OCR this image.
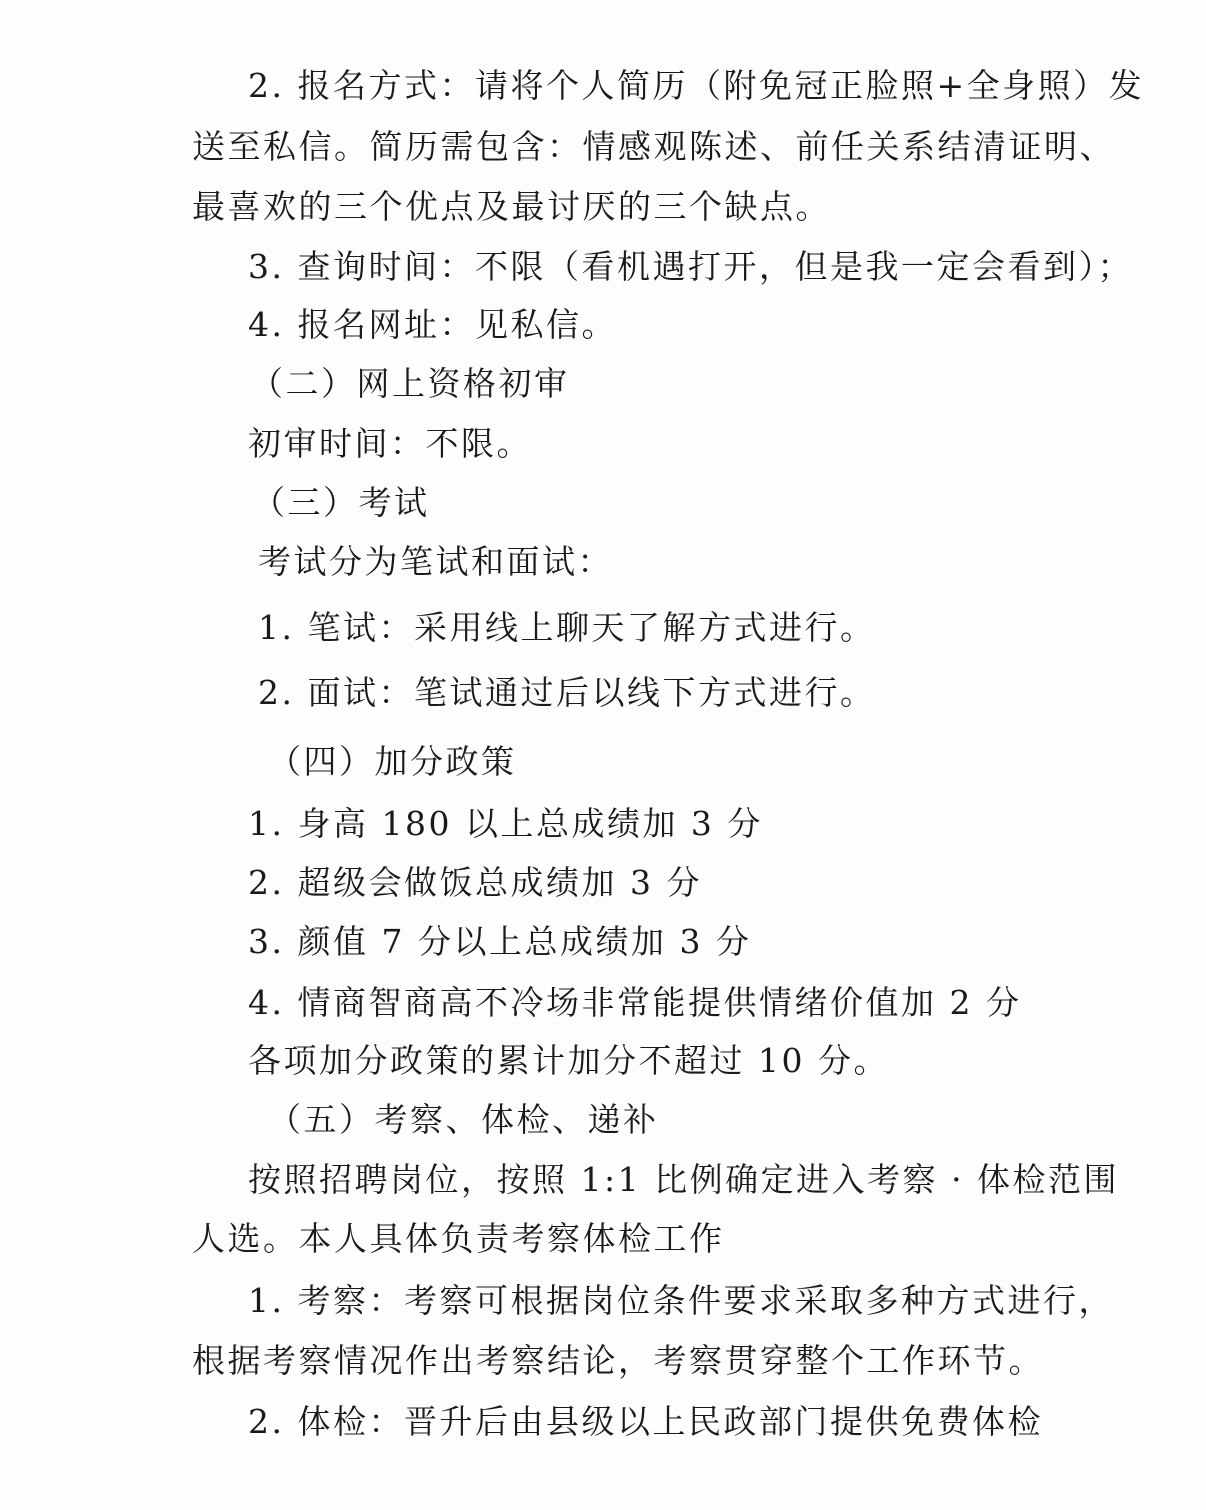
2. 报名方式：请将个人简历（附免冠正脸照+全身照）发
送至私信。简历需包含：情感观陈述、前任关系结清证明、
最喜欢的三个优点及最讨厌的三个缺点。
3. 查询时间：不限（看机遇打开，但是我一定会看到）；
4. 报名网址：见私信。
（二）网上资格初审
初审时间：不限。
（三）考试
考试分为笔试和面试：
1. 笔试：采用线上聊天了解方式进行。
2. 面试：笔试通过后以线下方式进行。
（四）加分政策
1. 身高 180 以上总成绩加 3 分
2. 超级会做饭总成绩加 3 分
3. 颜值 7 分以上总成绩加 3 分
4. 情商智商高不冷场非常能提供情绪价值加 2 分
各项加分政策的累计加分不超过 10 分。
（五）考察、体检、递补
按照招聘岗位，按照 1:1 比例确定进入考察 · 体检范围
人选。本人具体负责考察体检工作
1. 考察：考察可根据岗位条件要求采取多种方式进行，
根据考察情况作出考察结论，考察贯穿整个工作环节。
2. 体检：晋升后由县级以上民政部门提供免费体检
